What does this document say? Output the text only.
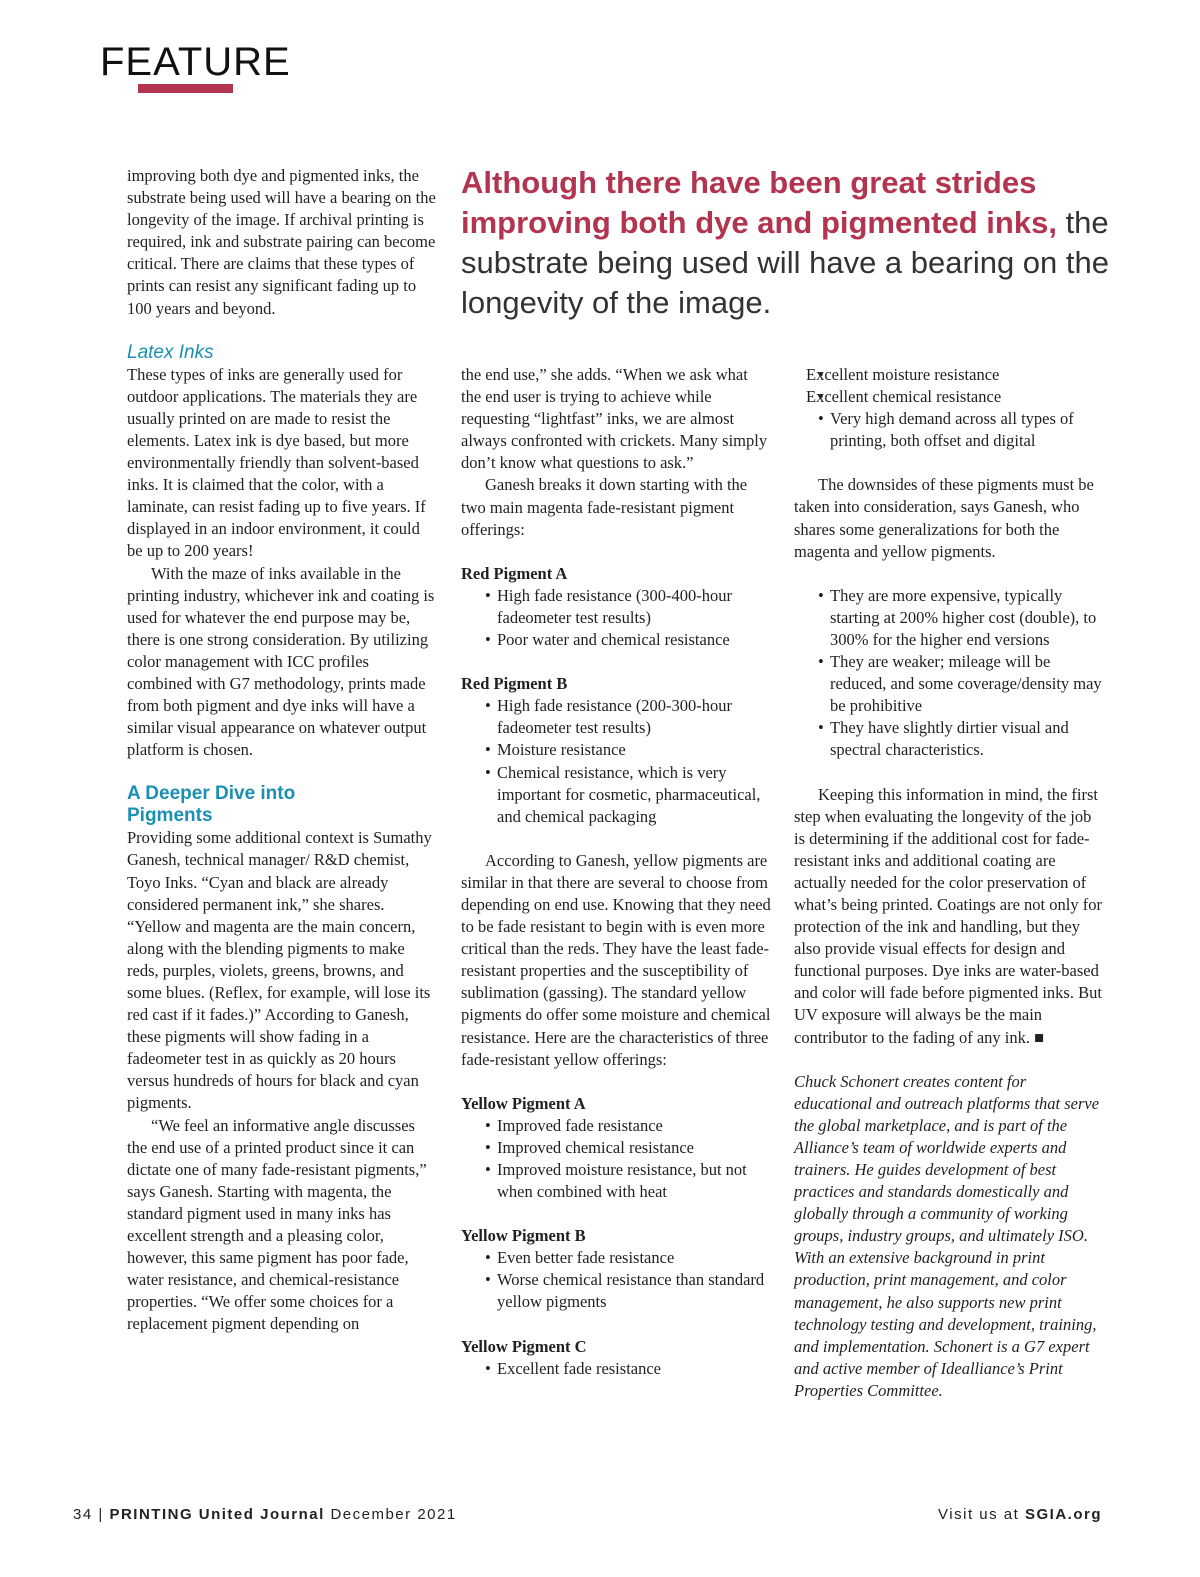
FEATURE
Although there have been great strides improving both dye and pigmented inks, the substrate being used will have a bearing on the longevity of the image.

improving both dye and pigmented inks, the substrate being used will have a bearing on the longevity of the image. If archival printing is required, ink and substrate pairing can become critical. There are claims that these types of prints can resist any significant fading up to 100 years and beyond.

Latex Inks

These types of inks are generally used for outdoor applications. The materials they are usually printed on are made to resist the elements. Latex ink is dye based, but more environmentally friendly than solvent-based inks. It is claimed that the color, with a laminate, can resist fading up to five years. If displayed in an indoor environment, it could be up to 200 years!

With the maze of inks available in the printing industry, whichever ink and coating is used for whatever the end purpose may be, there is one strong consideration. By utilizing color management with ICC profiles combined with G7 methodology, prints made from both pigment and dye inks will have a similar visual appearance on whatever output platform is chosen.

A Deeper Dive into Pigments

Providing some additional context is Sumathy Ganesh, technical manager/ R&D chemist, Toyo Inks. “Cyan and black are already considered permanent ink,” she shares. “Yellow and magenta are the main concern, along with the blending pigments to make reds, purples, violets, greens, browns, and some blues. (Reflex, for example, will lose its red cast if it fades.)” According to Ganesh, these pigments will show fading in a fadeometer test in as quickly as 20 hours versus hundreds of hours for black and cyan pigments.

“We feel an informative angle discusses the end use of a printed product since it can dictate one of many fade-resistant pigments,” says Ganesh. Starting with magenta, the standard pigment used in many inks has excellent strength and a pleasing color, however, this same pigment has poor fade, water resistance, and chemical-resistance properties. “We offer some choices for a replacement pigment depending on

the end use,” she adds. “When we ask what the end user is trying to achieve while requesting “lightfast” inks, we are almost always confronted with crickets. Many simply don’t know what questions to ask.”

Ganesh breaks it down starting with the two main magenta fade-resistant pigment offerings:

Red Pigment A

• High fade resistance (300-400-hour fadeometer test results)
• Poor water and chemical resistance

Red Pigment B

• High fade resistance (200-300-hour fadeometer test results)
• Moisture resistance
• Chemical resistance, which is very important for cosmetic, pharmaceutical, and chemical packaging

According to Ganesh, yellow pigments are similar in that there are several to choose from depending on end use. Knowing that they need to be fade resistant to begin with is even more critical than the reds. They have the least fade-resistant properties and the susceptibility of sublimation (gassing). The standard yellow pigments do offer some moisture and chemical resistance. Here are the characteristics of three fade-resistant yellow offerings:

Yellow Pigment A

• Improved fade resistance
• Improved chemical resistance
• Improved moisture resistance, but not when combined with heat

Yellow Pigment B

• Even better fade resistance
• Worse chemical resistance than standard yellow pigments

Yellow Pigment C

• Excellent fade resistance
• Excellent moisture resistance
• Excellent chemical resistance
• Very high demand across all types of printing, both offset and digital

The downsides of these pigments must be taken into consideration, says Ganesh, who shares some generalizations for both the magenta and yellow pigments.

• They are more expensive, typically starting at 200% higher cost (double), to 300% for the higher end versions
• They are weaker; mileage will be reduced, and some coverage/density may be prohibitive
• They have slightly dirtier visual and spectral characteristics.

Keeping this information in mind, the first step when evaluating the longevity of the job is determining if the additional cost for fade-resistant inks and additional coating are actually needed for the color preservation of what’s being printed. Coatings are not only for protection of the ink and handling, but they also provide visual effects for design and functional purposes. Dye inks are water-based and color will fade before pigmented inks. But UV exposure will always be the main contributor to the fading of any ink. ■

Chuck Schonert creates content for educational and outreach platforms that serve the global marketplace, and is part of the Alliance’s team of worldwide experts and trainers. He guides development of best practices and standards domestically and globally through a community of working groups, industry groups, and ultimately ISO. With an extensive background in print production, print management, and color management, he also supports new print technology testing and development, training, and implementation. Schonert is a G7 expert and active member of Idealliance’s Print Properties Committee.

34 | PRINTING United Journal December 2021	Visit us at SGIA.org
